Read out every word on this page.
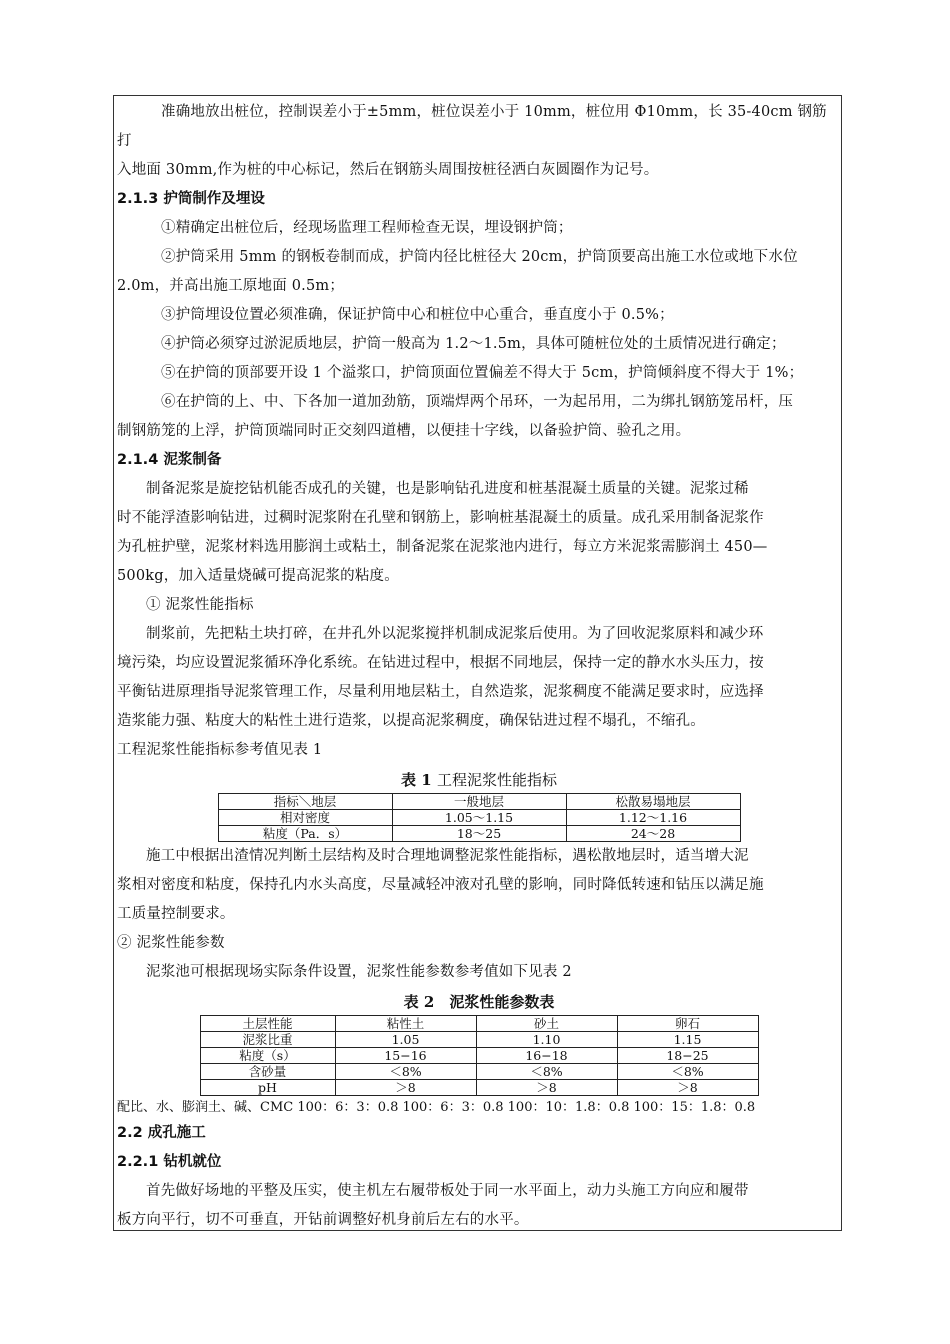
准确地放出桩位，控制误差小于±5mm，桩位误差小于 10mm，桩位用 Φ10mm，长 35-40cm 钢筋打

入地面 30mm,作为桩的中心标记，然后在钢筋头周围按桩径洒白灰圆圈作为记号。

2.1.3 护筒制作及埋设

①精确定出桩位后，经现场监理工程师检查无误，埋设钢护筒；

②护筒采用 5mm 的钢板卷制而成，护筒内径比桩径大 20cm，护筒顶要高出施工水位或地下水位

2.0m，并高出施工原地面 0.5m；

③护筒埋设位置必须准确，保证护筒中心和桩位中心重合，垂直度小于 0.5%；

④护筒必须穿过淤泥质地层，护筒一般高为 1.2～1.5m，具体可随桩位处的土质情况进行确定；

⑤在护筒的顶部要开设 1 个溢浆口，护筒顶面位置偏差不得大于 5cm，护筒倾斜度不得大于 1%；

⑥在护筒的上、中、下各加一道加劲筋，顶端焊两个吊环，一为起吊用，二为绑扎钢筋笼吊杆，压

制钢筋笼的上浮，护筒顶端同时正交刻四道槽，以便挂十字线，以备验护筒、验孔之用。

2.1.4 泥浆制备

制备泥浆是旋挖钻机能否成孔的关键，也是影响钻孔进度和桩基混凝土质量的关键。泥浆过稀

时不能浮渣影响钻进，过稠时泥浆附在孔壁和钢筋上，影响桩基混凝土的质量。成孔采用制备泥浆作

为孔桩护壁，泥浆材料选用膨润土或粘土，制备泥浆在泥浆池内进行，每立方米泥浆需膨润土 450—

500kg，加入适量烧碱可提高泥浆的粘度。

① 泥浆性能指标

制浆前，先把粘土块打碎，在井孔外以泥浆搅拌机制成泥浆后使用。为了回收泥浆原料和减少环

境污染，均应设置泥浆循环净化系统。在钻进过程中，根据不同地层，保持一定的静水水头压力，按

平衡钻进原理指导泥浆管理工作，尽量利用地层粘土，自然造浆，泥浆稠度不能满足要求时，应选择

造浆能力强、粘度大的粘性土进行造浆，以提高泥浆稠度，确保钻进过程不塌孔，不缩孔。

工程泥浆性能指标参考值见表 1

表 1 工程泥浆性能指标

指标＼地层	一般地层	松散易塌地层
相对密度	1.05～1.15	1.12～1.16
粘度（Pa．s）	18～25	24～28

施工中根据出渣情况判断土层结构及时合理地调整泥浆性能指标，遇松散地层时，适当增大泥

浆相对密度和粘度，保持孔内水头高度，尽量减轻冲液对孔壁的影响，同时降低转速和钻压以满足施

工质量控制要求。

② 泥浆性能参数

泥浆池可根据现场实际条件设置，泥浆性能参数参考值如下见表 2

表 2　泥浆性能参数表

土层性能	粘性土	砂土	卵石
泥浆比重	1.05	1.10	1.15
粘度（s）	15−16	16−18	18−25
含砂量	＜8%	＜8%	＜8%
pH	＞8	＞8	＞8

配比、水、膨润土、碱、CMC 100：6：3：0.8 100：6：3：0.8 100：10：1.8：0.8 100：15：1.8：0.8

2.2 成孔施工

2.2.1 钻机就位

首先做好场地的平整及压实，使主机左右履带板处于同一水平面上，动力头施工方向应和履带

板方向平行，切不可垂直，开钻前调整好机身前后左右的水平。
